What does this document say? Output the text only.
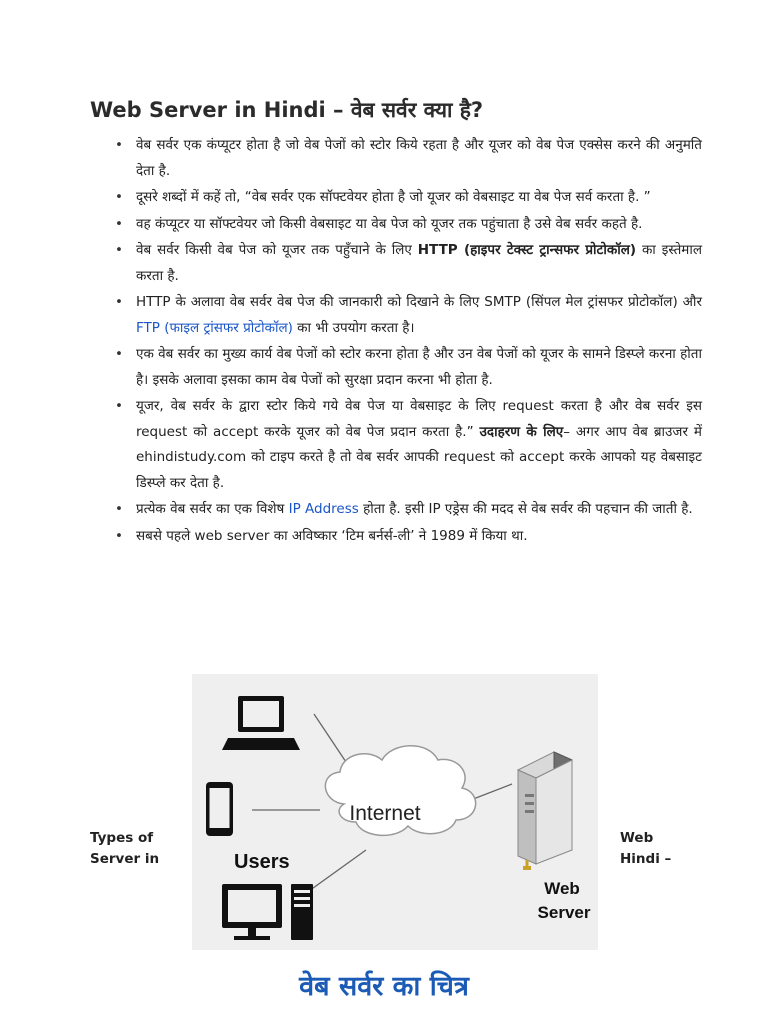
Web Server in Hindi – वेब सर्वर क्या है?
• वेब सर्वर एक कंप्यूटर होता है जो वेब पेजों को स्टोर किये रहता है और यूजर को वेब पेज एक्सेस करने की अनुमति देता है.
• दूसरे शब्दों में कहें तो, “वेब सर्वर एक सॉफ्टवेयर होता है जो यूजर को वेबसाइट या वेब पेज सर्व करता है. ”
• वह कंप्यूटर या सॉफ्टवेयर जो किसी वेबसाइट या वेब पेज को यूजर तक पहुंचाता है उसे वेब सर्वर कहते है.
• वेब सर्वर किसी वेब पेज को यूजर तक पहुँचाने के लिए HTTP (हाइपर टेक्स्ट ट्रान्सफर प्रोटोकॉल) का इस्तेमाल करता है.
• HTTP के अलावा वेब सर्वर वेब पेज की जानकारी को दिखाने के लिए SMTP (सिंपल मेल ट्रांसफर प्रोटोकॉल) और FTP (फाइल ट्रांसफर प्रोटोकॉल) का भी उपयोग करता है।
• एक वेब सर्वर का मुख्य कार्य वेब पेजों को स्टोर करना होता है और उन वेब पेजों को यूजर के सामने डिस्प्ले करना होता है। इसके अलावा इसका काम वेब पेजों को सुरक्षा प्रदान करना भी होता है.
• यूजर, वेब सर्वर के द्वारा स्टोर किये गये वेब पेज या वेबसाइट के लिए request करता है और वेब सर्वर इस request को accept करके यूजर को वेब पेज प्रदान करता है.” उदाहरण के लिए– अगर आप वेब ब्राउजर में ehindistudy.com को टाइप करते है तो वेब सर्वर आपकी request को accept करके आपको यह वेबसाइट डिस्प्ले कर देता है.
• प्रत्येक वेब सर्वर का एक विशेष IP Address होता है. इसी IP एड्रेस की मदद से वेब सर्वर की पहचान की जाती है.
• सबसे पहले web server का अविष्कार ‘टिम बर्नर्स-ली’ ने 1989 में किया था.
Types of
Server in
Web
Hindi –
Users
Internet
Web
Server
वेब सर्वर का चित्र
